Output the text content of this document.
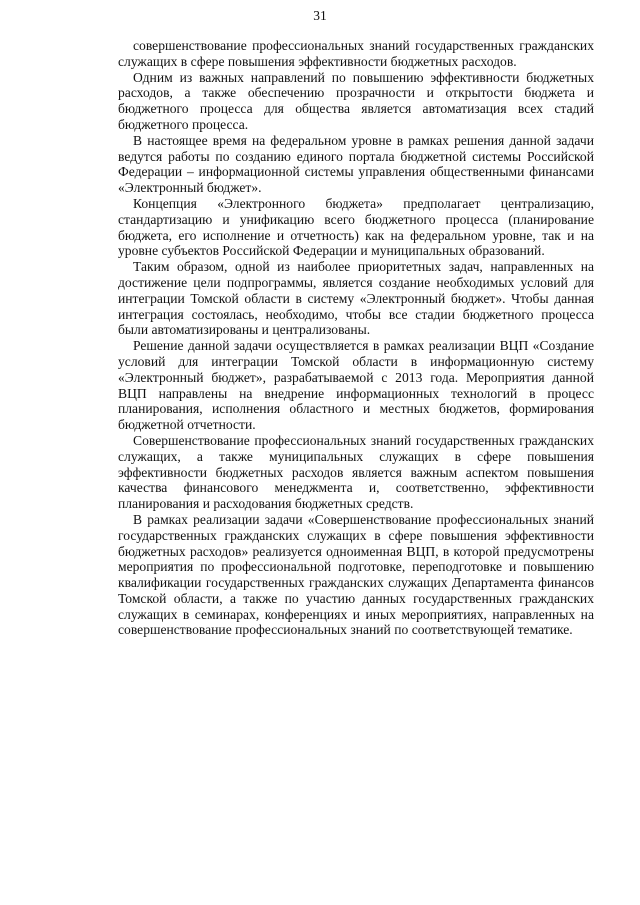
31

совершенствование профессиональных знаний государственных гражданских служащих в сфере повышения эффективности бюджетных расходов.

Одним из важных направлений по повышению эффективности бюджетных расходов, а также обеспечению прозрачности и открытости бюджета и бюджетного процесса для общества является автоматизация всех стадий бюджетного процесса.

В настоящее время на федеральном уровне в рамках решения данной задачи ведутся работы по созданию единого портала бюджетной системы Российской Федерации – информационной системы управления общественными финансами «Электронный бюджет».

Концепция «Электронного бюджета» предполагает централизацию, стандартизацию и унификацию всего бюджетного процесса (планирование бюджета, его исполнение и отчетность) как на федеральном уровне, так и на уровне субъектов Российской Федерации и муниципальных образований.

Таким образом, одной из наиболее приоритетных задач, направленных на достижение цели подпрограммы, является создание необходимых условий для интеграции Томской области в систему «Электронный бюджет». Чтобы данная интеграция состоялась, необходимо, чтобы все стадии бюджетного процесса были автоматизированы и централизованы.

Решение данной задачи осуществляется в рамках реализации ВЦП «Создание условий для интеграции Томской области в информационную систему «Электронный бюджет», разрабатываемой с 2013 года. Мероприятия данной ВЦП направлены на внедрение информационных технологий в процесс планирования, исполнения областного и местных бюджетов, формирования бюджетной отчетности.

Совершенствование профессиональных знаний государственных гражданских служащих, а также муниципальных служащих в сфере повышения эффективности бюджетных расходов является важным аспектом повышения качества финансового менеджмента и, соответственно, эффективности планирования и расходования бюджетных средств.

В рамках реализации задачи «Совершенствование профессиональных знаний государственных гражданских служащих в сфере повышения эффективности бюджетных расходов» реализуется одноименная ВЦП, в которой предусмотрены мероприятия по профессиональной подготовке, переподготовке и повышению квалификации государственных гражданских служащих Департамента финансов Томской области, а также по участию данных государственных гражданских служащих в семинарах, конференциях и иных мероприятиях, направленных на совершенствование профессиональных знаний по соответствующей тематике.
